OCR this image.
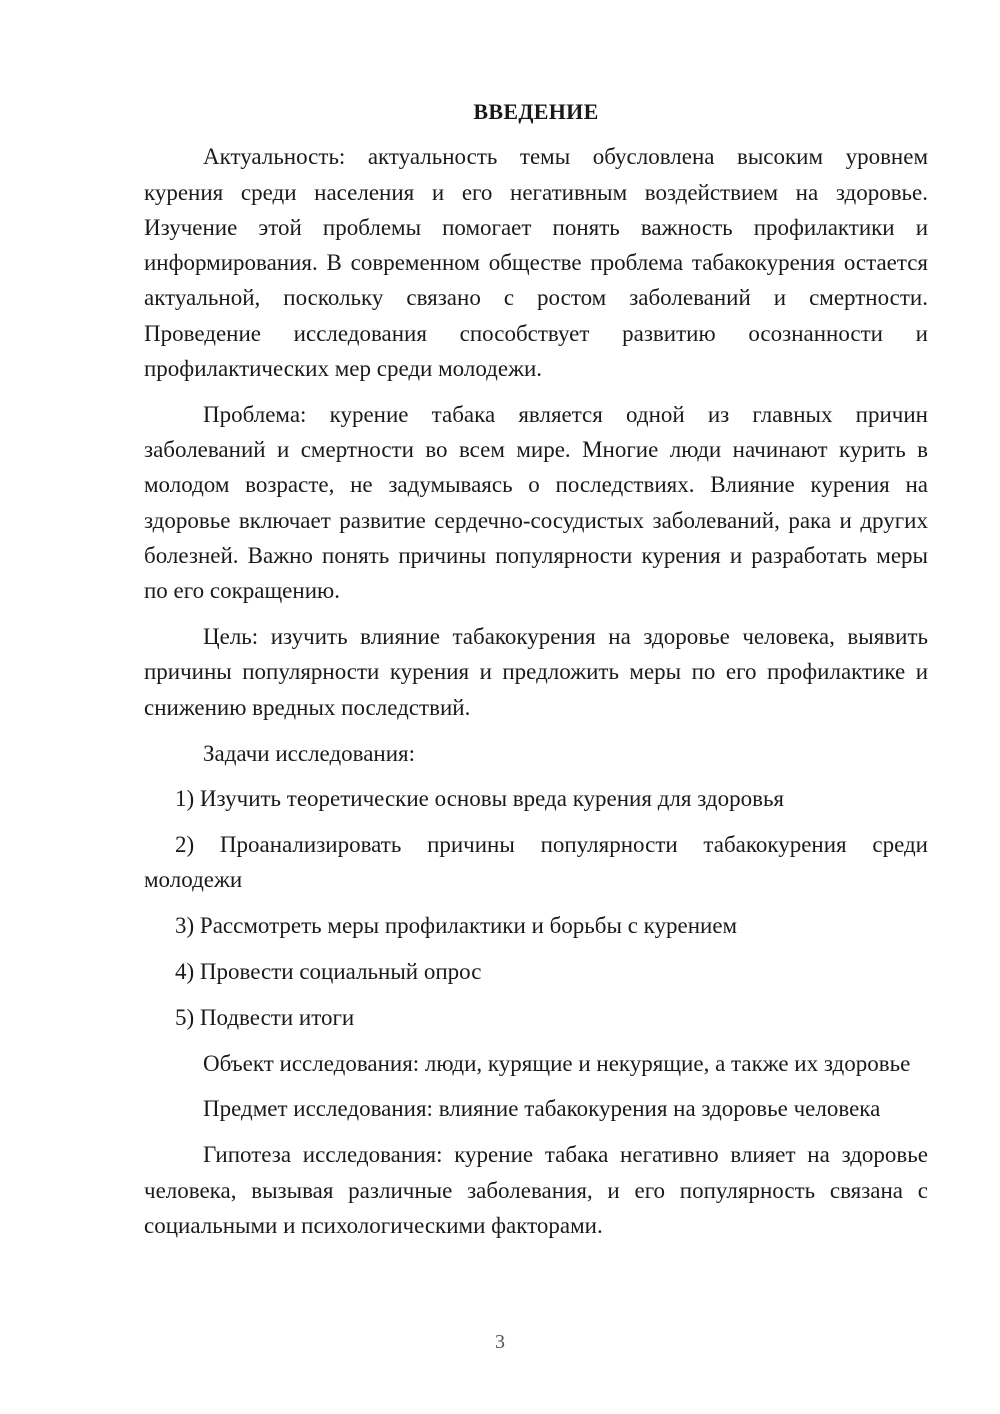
ВВЕДЕНИЕ

Актуальность: актуальность темы обусловлена высоким уровнем курения среди населения и его негативным воздействием на здоровье. Изучение этой проблемы помогает понять важность профилактики и информирования. В современном обществе проблема табакокурения остается актуальной, поскольку связано с ростом заболеваний и смертности. Проведение исследования способствует развитию осознанности и профилактических мер среди молодежи.

Проблема: курение табака является одной из главных причин заболеваний и смертности во всем мире. Многие люди начинают курить в молодом возрасте, не задумываясь о последствиях. Влияние курения на здоровье включает развитие сердечно-сосудистых заболеваний, рака и других болезней. Важно понять причины популярности курения и разработать меры по его сокращению.

Цель: изучить влияние табакокурения на здоровье человека, выявить причины популярности курения и предложить меры по его профилактике и снижению вредных последствий.

Задачи исследования:

1) Изучить теоретические основы вреда курения для здоровья

2) Проанализировать причины популярности табакокурения среди молодежи

3) Рассмотреть меры профилактики и борьбы с курением

4) Провести социальный опрос

5) Подвести итоги

Объект исследования: люди, курящие и некурящие, а также их здоровье

Предмет исследования: влияние табакокурения на здоровье человека

Гипотеза исследования: курение табака негативно влияет на здоровье человека, вызывая различные заболевания, и его популярность связана с социальными и психологическими факторами.

3
